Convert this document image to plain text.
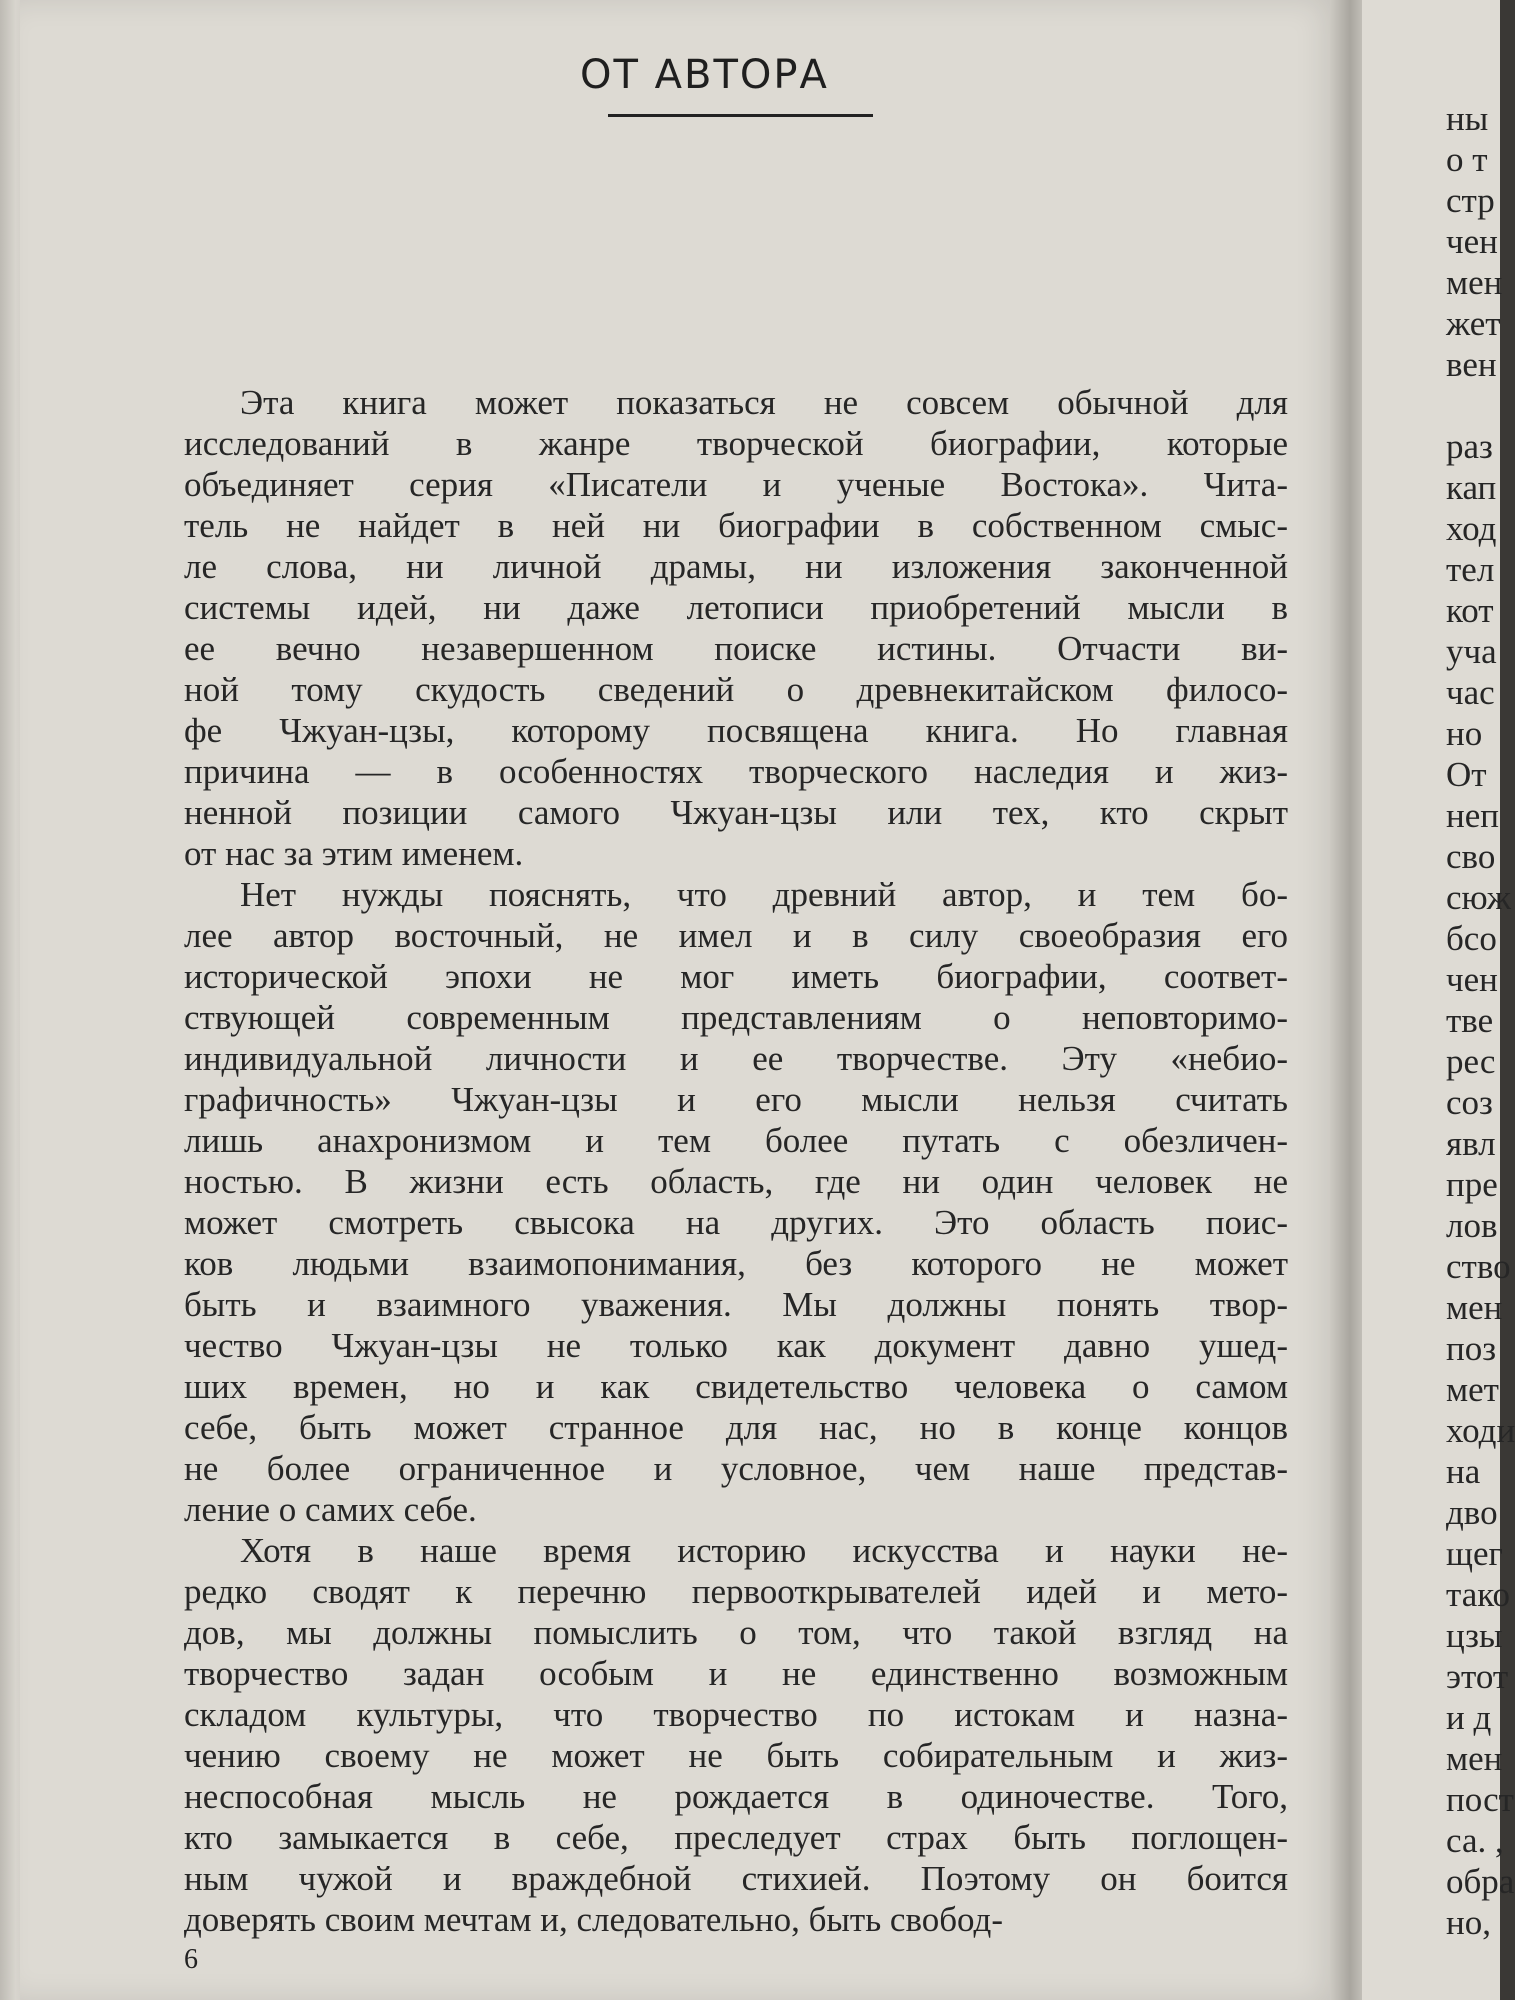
ОТ АВТОРА
Эта книга может показаться не совсем обычной для
исследований в жанре творческой биографии, которые
объединяет серия «Писатели и ученые Востока». Чита-
тель не найдет в ней ни биографии в собственном смыс-
ле слова, ни личной драмы, ни изложения законченной
системы идей, ни даже летописи приобретений мысли в
ее вечно незавершенном поиске истины. Отчасти ви-
ной тому скудость сведений о древнекитайском филосо-
фе Чжуан-цзы, которому посвящена книга. Но главная
причина — в особенностях творческого наследия и жиз-
ненной позиции самого Чжуан-цзы или тех, кто скрыт
от нас за этим именем.
Нет нужды пояснять, что древний автор, и тем бо-
лее автор восточный, не имел и в силу своеобразия его
исторической эпохи не мог иметь биографии, соответ-
ствующей современным представлениям о неповторимо-
индивидуальной личности и ее творчестве. Эту «небио-
графичность» Чжуан-цзы и его мысли нельзя считать
лишь анахронизмом и тем более путать с обезличен-
ностью. В жизни есть область, где ни один человек не
может смотреть свысока на других. Это область поис-
ков людьми взаимопонимания, без которого не может
быть и взаимного уважения. Мы должны понять твор-
чество Чжуан-цзы не только как документ давно ушед-
ших времен, но и как свидетельство человека о самом
себе, быть может странное для нас, но в конце концов
не более ограниченное и условное, чем наше представ-
ление о самих себе.
Хотя в наше время историю искусства и науки не-
редко сводят к перечню первооткрывателей идей и мето-
дов, мы должны помыслить о том, что такой взгляд на
творчество задан особым и не единственно возможным
складом культуры, что творчество по истокам и назна-
чению своему не может не быть собирательным и жиз-
неспособная мысль не рождается в одиночестве. Того,
кто замыкается в себе, преследует страх быть поглощен-
ным чужой и враждебной стихией. Поэтому он боится
доверять своим мечтам и, следовательно, быть свобод-
6
ны
о т
стр
чен
мен
жет
вен
раз
кап
ход
тел
кот
уча
час
но
От
неп
сво
сюж
бсо
чен
тве
рес
соз
явл
пре
лов
ство
мен
поз
мет
ходи
на
дво
щег
тако
цзы
этот
и д
мен
пост
са. ,
обра
но,
